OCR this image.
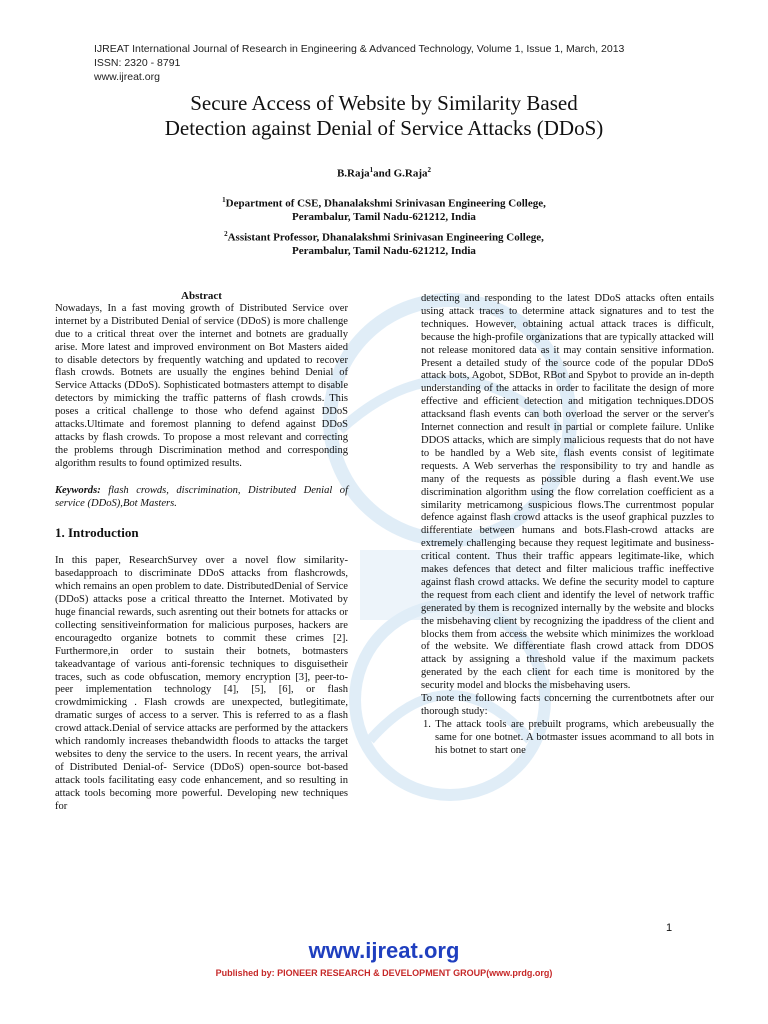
IJREAT International Journal of Research in Engineering & Advanced Technology, Volume 1, Issue 1, March, 2013
ISSN: 2320 - 8791
www.ijreat.org
Secure Access of Website by Similarity Based
Detection against Denial of Service Attacks (DDoS)
B.Raja$^1$and G.Raja$^2$
$^1$Department of CSE, Dhanalakshmi Srinivasan Engineering College,
Perambalur, Tamil Nadu-621212, India
$^2$Assistant Professor, Dhanalakshmi Srinivasan Engineering College,
Perambalur, Tamil Nadu-621212, India

Abstract

Nowadays, In a fast moving growth of Distributed Service over internet by a Distributed Denial of service (DDoS) is more challenge due to a critical threat over the internet and botnets are gradually arise. More latest and improved environment on Bot Masters aided to disable detectors by frequently watching and updated to recover flash crowds. Botnets are usually the engines behind Denial of Service Attacks (DDoS). Sophisticated botmasters attempt to disable detectors by mimicking the traffic patterns of flash crowds. This poses a critical challenge to those who defend against DDoS attacks.Ultimate and foremost planning to defend against DDoS attacks by flash crowds. To propose a most relevant and correcting the problems through Discrimination method and corresponding algorithm results to found optimized results.

Keywords: flash crowds, discrimination, Distributed Denial of service (DDoS),Bot Masters.

1. Introduction

In this paper, ResearchSurvey over a novel flow similarity-basedapproach to discriminate DDoS attacks from flashcrowds, which remains an open problem to date. DistributedDenial of Service (DDoS) attacks pose a critical threatto the Internet. Motivated by huge financial rewards, such asrenting out their botnets for attacks or collecting sensitiveinformation for malicious purposes, hackers are encouragedto organize botnets to commit these crimes [2]. Furthermore,in order to sustain their botnets, botmasters takeadvantage of various anti-forensic techniques to disguisetheir traces, such as code obfuscation, memory encryption [3], peer-to-peer implementation technology [4], [5], [6], or flash crowdmimicking . Flash crowds are unexpected, butlegitimate, dramatic surges of access to a server. This is referred to as a flash crowd attack.Denial of service attacks are performed by the attackers which randomly increases thebandwidth floods to attacks the target websites to deny the service to the users. In recent years, the arrival of Distributed Denial-of- Service (DDoS) open-source bot-based attack tools facilitating easy code enhancement, and so resulting in attack tools becoming more powerful. Developing new techniques for

detecting and responding to the latest DDoS attacks often entails using attack traces to determine attack signatures and to test the techniques. However, obtaining actual attack traces is difficult, because the high-profile organizations that are typically attacked will not release monitored data as it may contain sensitive information. Present a detailed study of the source code of the popular DDoS attack bots, Agobot, SDBot, RBot and Spybot to provide an in-depth understanding of the attacks in order to facilitate the design of more effective and efficient detection and mitigation techniques.DDOS attacksand flash events can both overload the server or the server's Internet connection and result in partial or complete failure. Unlike DDOS attacks, which are simply malicious requests that do not have to be handled by a Web site, flash events consist of legitimate requests. A Web serverhas the responsibility to try and handle as many of the requests as possible during a flash event.We use discrimination algorithm using the flow correlation coefficient as a similarity metricamong suspicious flows.The currentmost popular defence against flash crowd attacks is the useof graphical puzzles to differentiate between humans and bots.Flash-crowd attacks are extremely challenging because they request legitimate and business-critical content. Thus their traffic appears legitimate-like, which makes defences that detect and filter malicious traffic ineffective against flash crowd attacks. We define the security model to capture the request from each client and identify the level of network traffic generated by them is recognized internally by the website and blocks the misbehaving client by recognizing the ipaddress of the client and blocks them from access the website which minimizes the workload of the website. We differentiate flash crowd attack from DDOS attack by assigning a threshold value if the maximum packets generated by the each client for each time is monitored by the security model and blocks the misbehaving users.

To note the following facts concerning the currentbotnets after our thorough study:

1. The attack tools are prebuilt programs, which arebeusually the same for one botnet. A botmaster issues acommand to all bots in his botnet to start one

1
www.ijreat.org
Published by: PIONEER RESEARCH & DEVELOPMENT GROUP(www.prdg.org)
